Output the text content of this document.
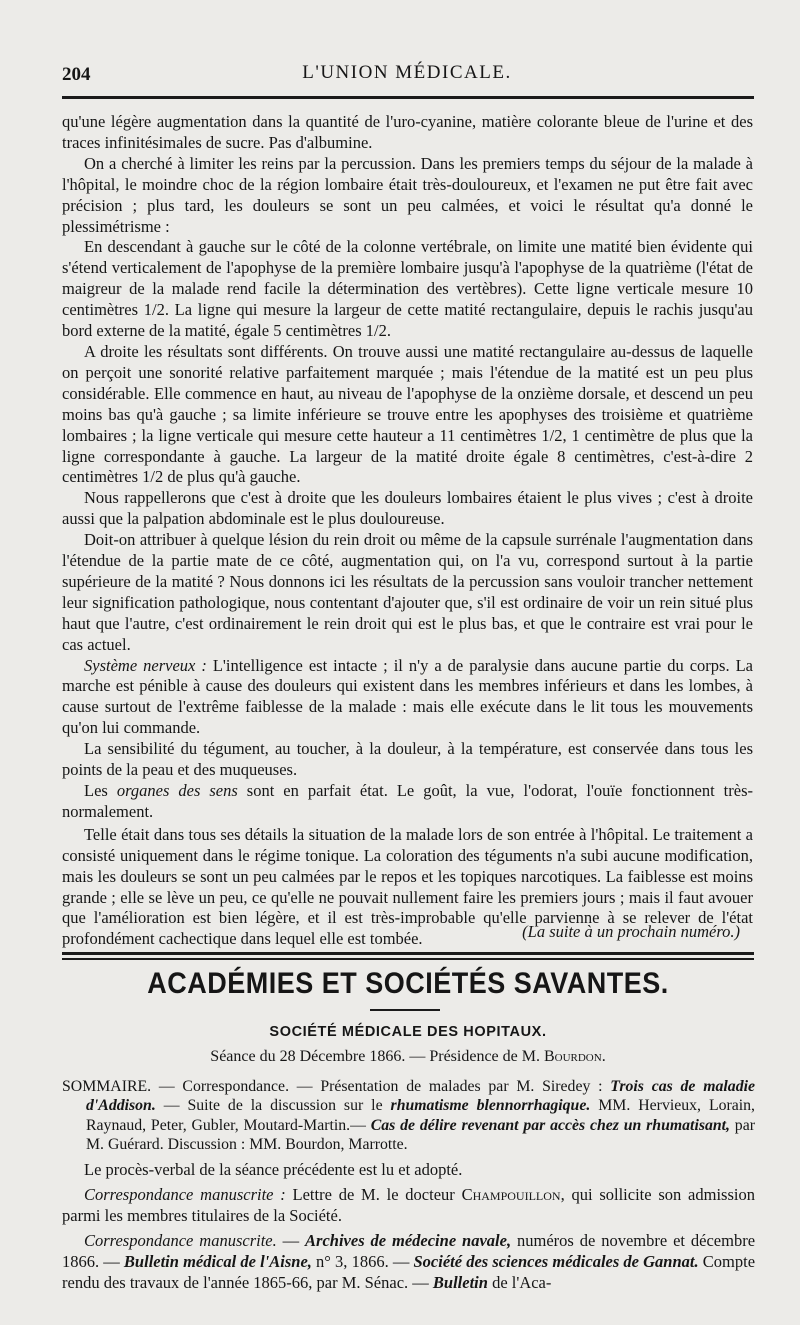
204	L'UNION MÉDICALE.

qu'une légère augmentation dans la quantité de l'uro-cyanine, matière colorante bleue de l'urine et des traces infinitésimales de sucre. Pas d'albumine.

On a cherché à limiter les reins par la percussion. Dans les premiers temps du séjour de la malade à l'hôpital, le moindre choc de la région lombaire était très-douloureux, et l'examen ne put être fait avec précision ; plus tard, les douleurs se sont un peu calmées, et voici le résultat qu'a donné le plessimétrisme :

En descendant à gauche sur le côté de la colonne vertébrale, on limite une matité bien évidente qui s'étend verticalement de l'apophyse de la première lombaire jusqu'à l'apophyse de la quatrième (l'état de maigreur de la malade rend facile la détermination des vertèbres). Cette ligne verticale mesure 10 centimètres 1/2. La ligne qui mesure la largeur de cette matité rectangulaire, depuis le rachis jusqu'au bord externe de la matité, égale 5 centimètres 1/2.

A droite les résultats sont différents. On trouve aussi une matité rectangulaire au-dessus de laquelle on perçoit une sonorité relative parfaitement marquée ; mais l'étendue de la matité est un peu plus considérable. Elle commence en haut, au niveau de l'apophyse de la onzième dorsale, et descend un peu moins bas qu'à gauche ; sa limite inférieure se trouve entre les apophyses des troisième et quatrième lombaires ; la ligne verticale qui mesure cette hauteur a 11 centimètres 1/2, 1 centimètre de plus que la ligne correspondante à gauche. La largeur de la matité droite égale 8 centimètres, c'est-à-dire 2 centimètres 1/2 de plus qu'à gauche.

Nous rappellerons que c'est à droite que les douleurs lombaires étaient le plus vives ; c'est à droite aussi que la palpation abdominale est le plus douloureuse.

Doit-on attribuer à quelque lésion du rein droit ou même de la capsule surrénale l'augmentation dans l'étendue de la partie mate de ce côté, augmentation qui, on l'a vu, correspond surtout à la partie supérieure de la matité ? Nous donnons ici les résultats de la percussion sans vouloir trancher nettement leur signification pathologique, nous contentant d'ajouter que, s'il est ordinaire de voir un rein situé plus haut que l'autre, c'est ordinairement le rein droit qui est le plus bas, et que le contraire est vrai pour le cas actuel.

Système nerveux : L'intelligence est intacte ; il n'y a de paralysie dans aucune partie du corps. La marche est pénible à cause des douleurs qui existent dans les membres inférieurs et dans les lombes, à cause surtout de l'extrême faiblesse de la malade : mais elle exécute dans le lit tous les mouvements qu'on lui commande.

La sensibilité du tégument, au toucher, à la douleur, à la température, est conservée dans tous les points de la peau et des muqueuses.

Les organes des sens sont en parfait état. Le goût, la vue, l'odorat, l'ouïe fonctionnent très-normalement.

Telle était dans tous ses détails la situation de la malade lors de son entrée à l'hôpital. Le traitement a consisté uniquement dans le régime tonique. La coloration des téguments n'a subi aucune modification, mais les douleurs se sont un peu calmées par le repos et les topiques narcotiques. La faiblesse est moins grande ; elle se lève un peu, ce qu'elle ne pouvait nullement faire les premiers jours ; mais il faut avouer que l'amélioration est bien légère, et il est très-improbable qu'elle parvienne à se relever de l'état profondément cachectique dans lequel elle est tombée.	(La suite à un prochain numéro.)
ACADÉMIES ET SOCIÉTÉS SAVANTES.
SOCIÉTÉ MÉDICALE DES HOPITAUX.
Séance du 28 Décembre 1866. — Présidence de M. Bourdon.

SOMMAIRE. — Correspondance. — Présentation de malades par M. Siredey : Trois cas de maladie d'Addison. — Suite de la discussion sur le rhumatisme blennorrhagique. MM. Hervieux, Lorain, Raynaud, Peter, Gubler, Moutard-Martin.— Cas de délire revenant par accès chez un rhumatisant, par M. Guérard. Discussion : MM. Bourdon, Marrotte.

Le procès-verbal de la séance précédente est lu et adopté.

Correspondance manuscrite : Lettre de M. le docteur Champouillon, qui sollicite son admission parmi les membres titulaires de la Société.

Correspondance manuscrite. — Archives de médecine navale, numéros de novembre et décembre 1866. — Bulletin médical de l'Aisne, n° 3, 1866. — Société des sciences médicales de Gannat. Compte rendu des travaux de l'année 1865-66, par M. Sénac. — Bulletin de l'Aca-
